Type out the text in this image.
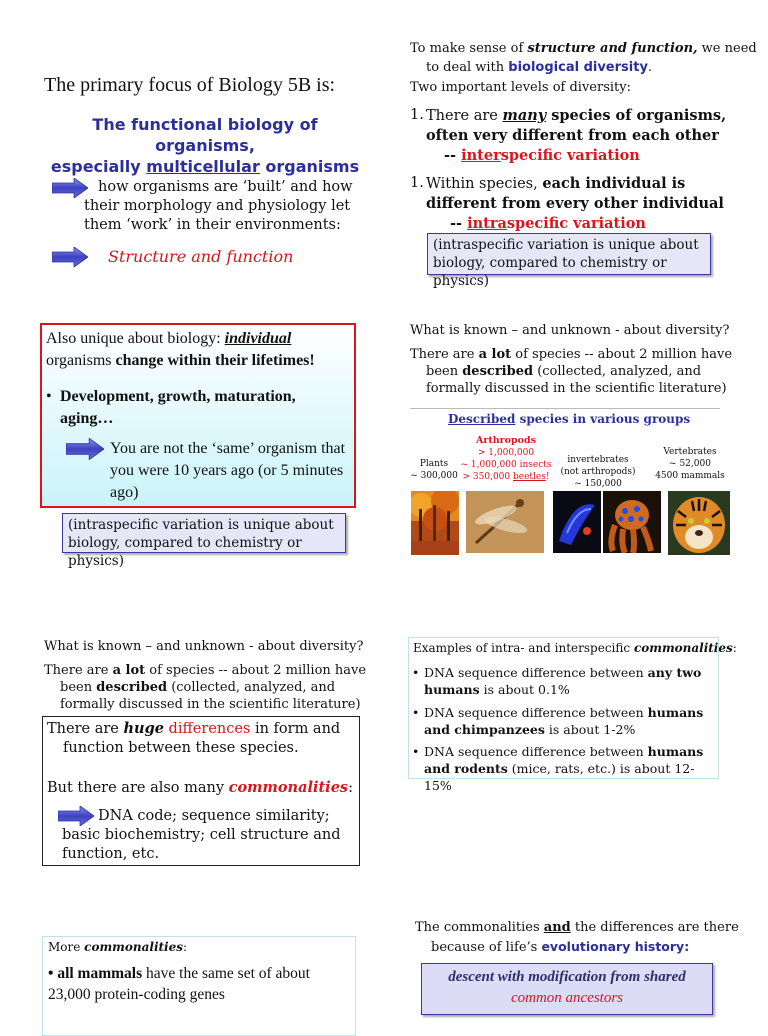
The primary focus of Biology 5B is:
The functional biology of organisms,
especially multicellular organisms
how organisms are ‘built’ and how their morphology and physiology let them ‘work’ in their environments:
Structure and function
To make sense of structure and function, we need to deal with biological diversity.
Two important levels of diversity:
1. There are many species of organisms, often very different from each other
-- interspecific variation
1. Within species, each individual is different from every other individual
-- intraspecific variation
(intraspecific variation is unique about biology, compared to chemistry or physics)
Also unique about biology: individual
organisms change within their lifetimes!
• Development, growth, maturation, aging…
You are not the ‘same’ organism that you were 10 years ago (or 5 minutes ago)
(intraspecific variation is unique about biology, compared to chemistry or physics)
What is known – and unknown - about diversity?
There are a lot of species -- about 2 million have been described (collected, analyzed, and formally discussed in the scientific literature)
Described species in various groups
Plants
~ 300,000
Arthropods
> 1,000,000
~ 1,000,000 insects
> 350,000 beetles!
invertebrates
(not arthropods)
~ 150,000
Vertebrates
~ 52,000
4500 mammals
What is known – and unknown - about diversity?
There are a lot of species -- about 2 million have been described (collected, analyzed, and formally discussed in the scientific literature)
There are huge differences in form and function between these species.
But there are also many commonalities:
DNA code; sequence similarity; basic biochemistry; cell structure and function, etc.
Examples of intra- and interspecific commonalities:
• DNA sequence difference between any two humans is about 0.1%
• DNA sequence difference between humans and chimpanzees is about 1-2%
• DNA sequence difference between humans and rodents (mice, rats, etc.) is about 12-15%
More commonalities:
• all mammals have the same set of about 23,000 protein-coding genes
The commonalities and the differences are there because of life’s evolutionary history:
descent with modification from shared
common ancestors
